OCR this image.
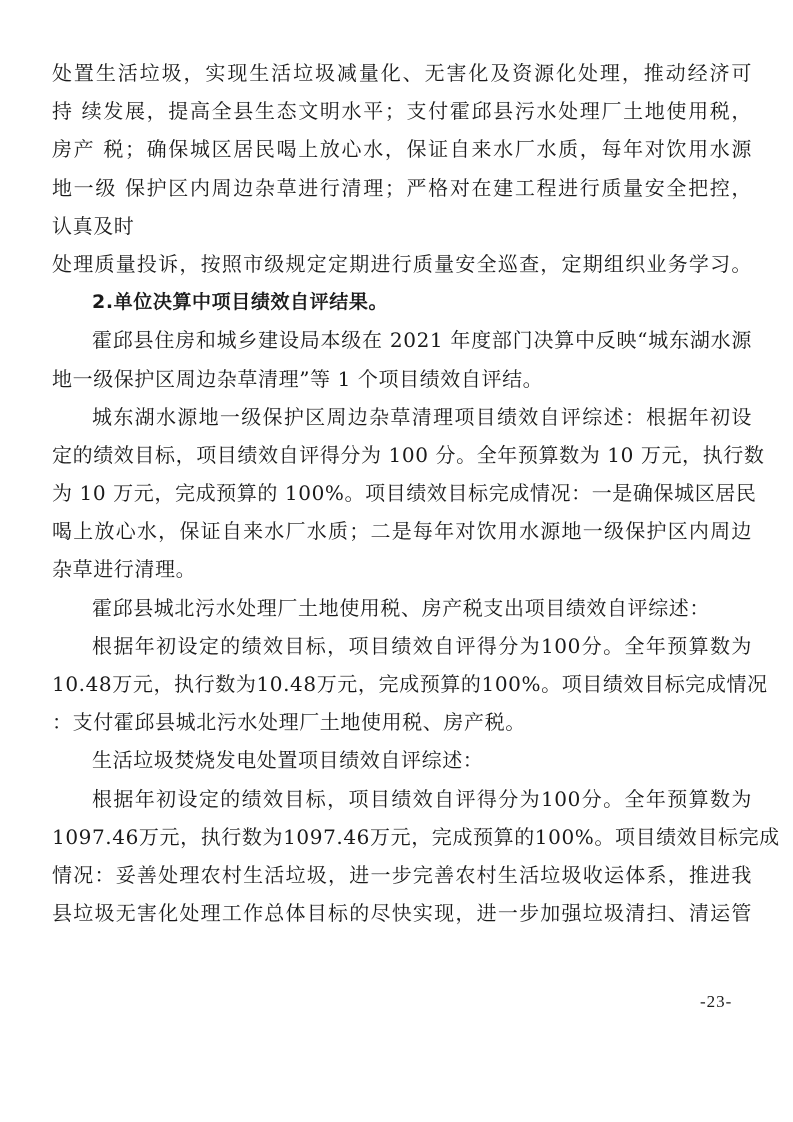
处置生活垃圾，实现生活垃圾减量化、无害化及资源化处理，推动经济可
持 续发展，提高全县生态文明水平；支付霍邱县污水处理厂土地使用税，
房产 税；确保城区居民喝上放心水，保证自来水厂水质，每年对饮用水源
地一级 保护区内周边杂草进行清理；严格对在建工程进行质量安全把控，
认真及时
处理质量投诉，按照市级规定定期进行质量安全巡查，定期组织业务学习。
2.单位决算中项目绩效自评结果。
霍邱县住房和城乡建设局本级在 2021 年度部门决算中反映“城东湖水源
地一级保护区周边杂草清理”等 1 个项目绩效自评结。
城东湖水源地一级保护区周边杂草清理项目绩效自评综述：根据年初设
定的绩效目标，项目绩效自评得分为 100 分。全年预算数为 10 万元，执行数
为 10 万元，完成预算的 100%。项目绩效目标完成情况：一是确保城区居民
喝上放心水，保证自来水厂水质；二是每年对饮用水源地一级保护区内周边
杂草进行清理。
霍邱县城北污水处理厂土地使用税、房产税支出项目绩效自评综述：
根据年初设定的绩效目标，项目绩效自评得分为100分。全年预算数为
10.48万元，执行数为10.48万元，完成预算的100%。项目绩效目标完成情况
：支付霍邱县城北污水处理厂土地使用税、房产税。
生活垃圾焚烧发电处置项目绩效自评综述：
根据年初设定的绩效目标，项目绩效自评得分为100分。全年预算数为
1097.46万元，执行数为1097.46万元，完成预算的100%。项目绩效目标完成
情况：妥善处理农村生活垃圾，进一步完善农村生活垃圾收运体系，推进我
县垃圾无害化处理工作总体目标的尽快实现，进一步加强垃圾清扫、清运管
-23-
